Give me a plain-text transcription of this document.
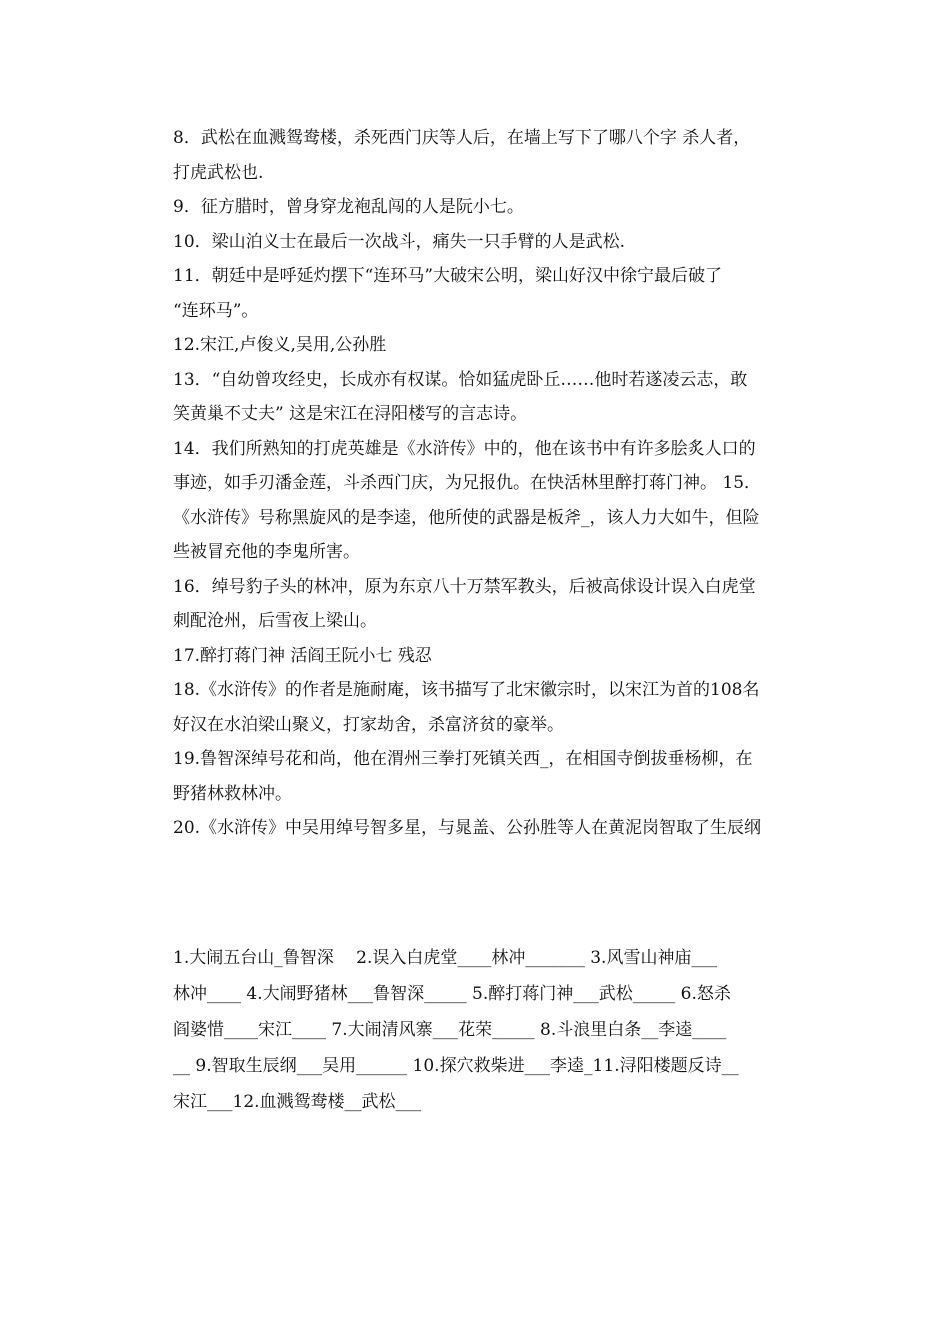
8．武松在血溅鸳鸯楼，杀死西门庆等人后，在墙上写下了哪八个字 杀人者，
打虎武松也.
9．征方腊时，曾身穿龙袍乱闯的人是阮小七。
10．梁山泊义士在最后一次战斗，痛失一只手臂的人是武松.
11．朝廷中是呼延灼摆下“连环马”大破宋公明，梁山好汉中徐宁最后破了
“连环马”。
12.宋江,卢俊义,吴用,公孙胜
13．“自幼曾攻经史，长成亦有权谋。恰如猛虎卧丘……他时若遂凌云志，敢
笑黄巢不丈夫” 这是宋江在浔阳楼写的言志诗。
14．我们所熟知的打虎英雄是《水浒传》中的，他在该书中有许多脍炙人口的
事迹，如手刃潘金莲，斗杀西门庆，为兄报仇。在快活林里醉打蒋门神。 15．
《水浒传》号称黑旋风的是李逵，他所使的武器是板斧_，该人力大如牛，但险
些被冒充他的李鬼所害。
16．绰号豹子头的林冲，原为东京八十万禁军教头，后被高俅设计误入白虎堂
刺配沧州，后雪夜上梁山。
17.醉打蒋门神 活阎王阮小七 残忍
18.《水浒传》的作者是施耐庵，该书描写了北宋徽宗时，以宋江为首的108名
好汉在水泊梁山聚义，打家劫舍，杀富济贫的豪举。
19.鲁智深绰号花和尚，他在渭州三拳打死镇关西_，在相国寺倒拔垂杨柳，在
野猪林救林冲。
20.《水浒传》中吴用绰号智多星，与晁盖、公孙胜等人在黄泥岗智取了生辰纲
1.大闹五台山_鲁智深　 2.误入白虎堂____林冲_______ 3.风雪山神庙___
林冲____ 4.大闹野猪林___鲁智深_____ 5.醉打蒋门神___武松_____ 6.怒杀
阎婆惜____宋江____ 7.大闹清风寨___花荣_____ 8.斗浪里白条__李逵____
__ 9.智取生辰纲___吴用______ 10.探穴救柴进___李逵_11.浔阳楼题反诗__
宋江___12.血溅鸳鸯楼__武松___
